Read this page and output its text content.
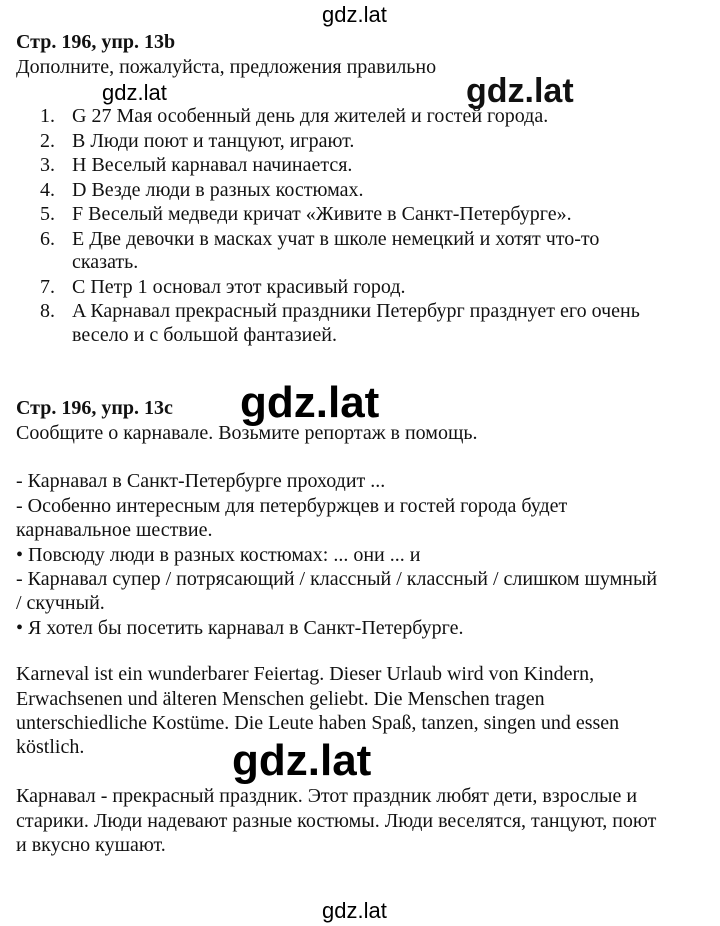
gdz.lat
Стр. 196, упр. 13b
Дополните, пожалуйста, предложения правильно
gdz.lat	gdz.lat
1. G 27 Мая особенный день для жителей и гостей города.
2. B Люди поют и танцуют, играют.
3. H Веселый карнавал начинается.
4. D Везде люди в разных костюмах.
5. F Веселый медведи кричат «Живите в Санкт-Петербурге».
6. E Две девочки в масках учат в школе немецкий и хотят что-то
сказать.
7. C Петр 1 основал этот красивый город.
8. A Карнавал прекрасный праздники Петербург празднует его очень
весело и с большой фантазией.
gdz.lat
Стр. 196, упр. 13c
Сообщите о карнавале. Возьмите репортаж в помощь.
- Карнавал в Санкт-Петербурге проходит ...
- Особенно интересным для петербуржцев и гостей города будет
карнавальное шествие.
• Повсюду люди в разных костюмах: ... они ... и
- Карнавал супер / потрясающий / классный / классный / слишком шумный
/ скучный.
• Я хотел бы посетить карнавал в Санкт-Петербурге.
Karneval ist ein wunderbarer Feiertag. Dieser Urlaub wird von Kindern,
Erwachsenen und älteren Menschen geliebt. Die Menschen tragen
unterschiedliche Kostüme. Die Leute haben Spaß, tanzen, singen und essen
köstlich.	gdz.lat
Карнавал - прекрасный праздник. Этот праздник любят дети, взрослые и
старики. Люди надевают разные костюмы. Люди веселятся, танцуют, поют
и вкусно кушают.
gdz.lat
